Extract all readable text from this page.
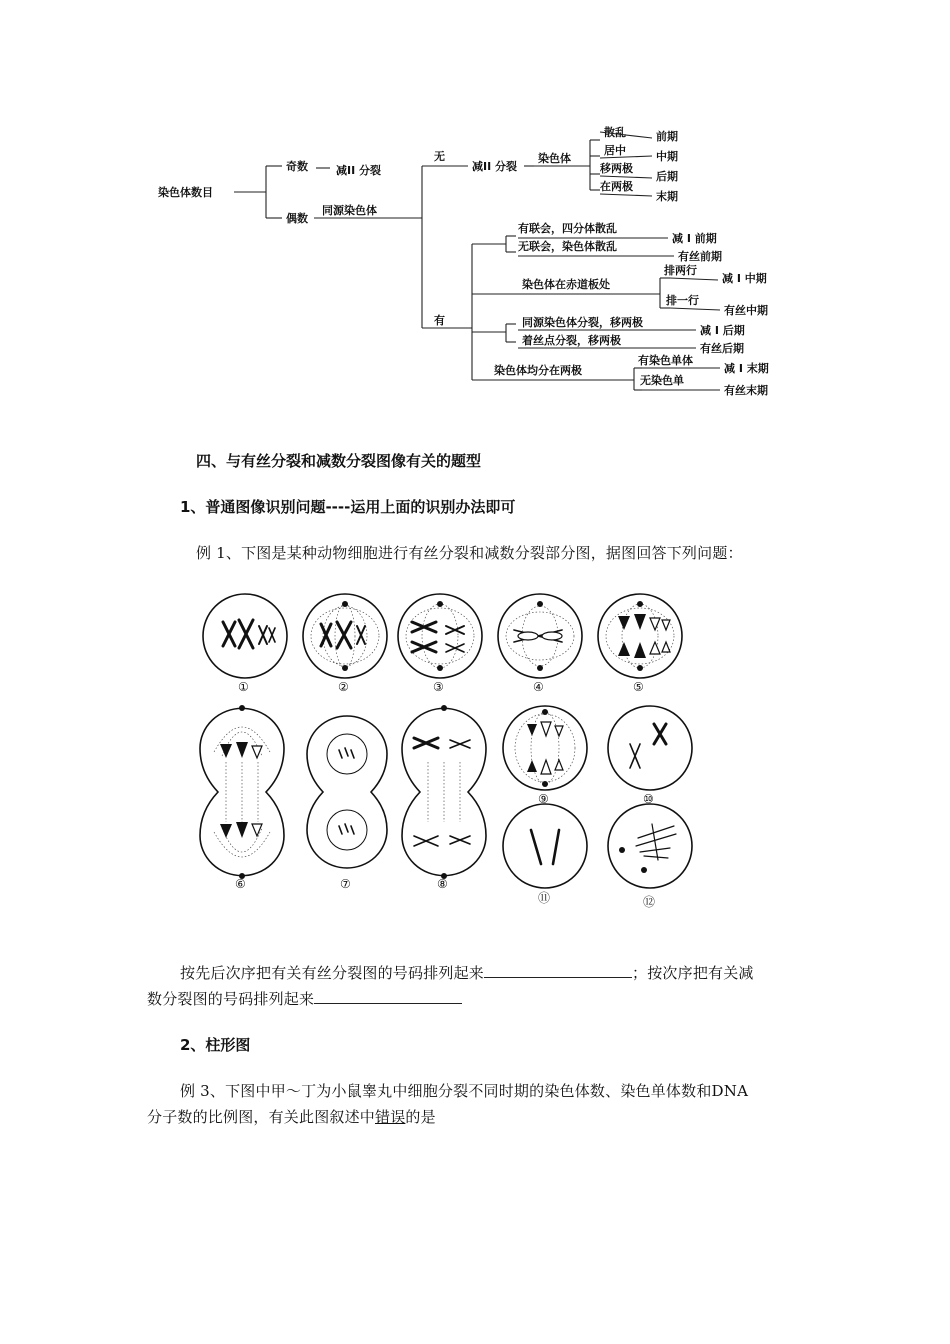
染色体数目
奇数	减II 分裂
偶数
同源染色体
无
减II 分裂
染色体
散乱
居中
移两极
在两极
前期
中期
后期
末期
有
有联会，四分体散乱
减 I 前期
无联会，染色体散乱
有丝前期
染色体在赤道板处
排两行
减 I 中期
排一行
有丝中期
同源染色体分裂，移两极
减 I 后期
着丝点分裂，移两极
有丝后期
染色体均分在两极
有染色单体
减 I 末期
无染色单
有丝末期
四、与有丝分裂和减数分裂图像有关的题型
1、普通图像识别问题----运用上面的识别办法即可
例 1、下图是某种动物细胞进行有丝分裂和减数分裂部分图，据图回答下列问题：
①	②	③	④	⑤
⑥	⑦	⑧
⑨	⑩
⑪	⑫
按先后次序把有关有丝分裂图的号码排列起来	；按次序把有关减
数分裂图的号码排列起来
2、柱形图
例 3、下图中甲～丁为小鼠睾丸中细胞分裂不同时期的染色体数、染色单体数和DNA
分子数的比例图，有关此图叙述中错误的是
